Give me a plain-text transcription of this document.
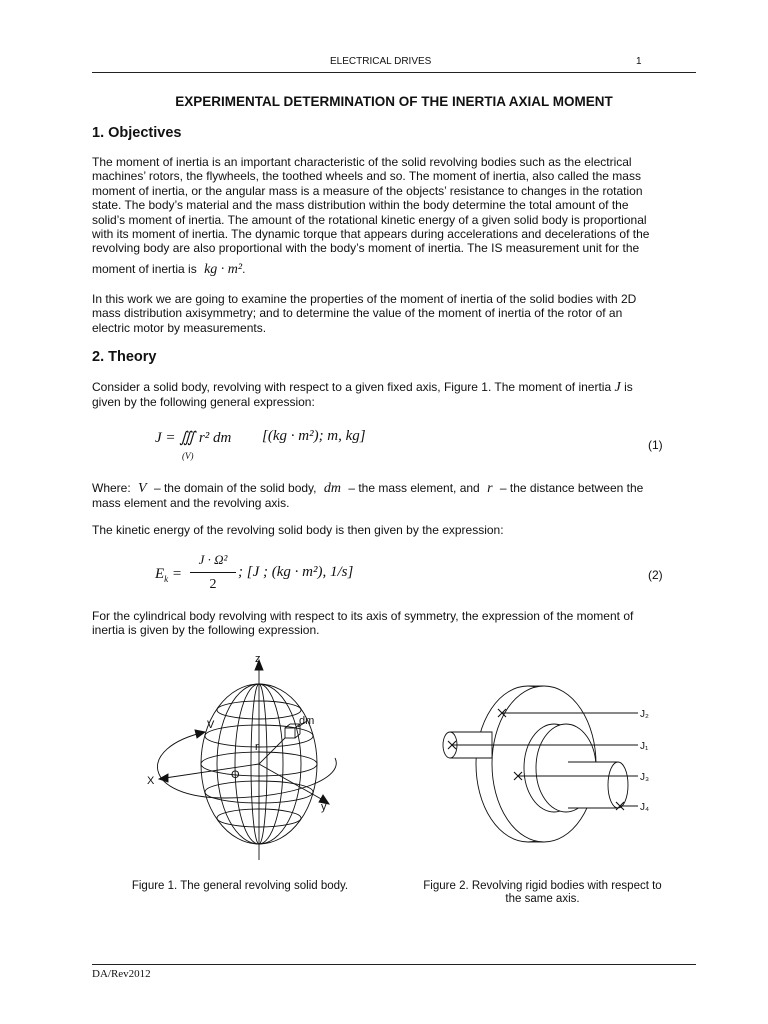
ELECTRICAL DRIVES	1
EXPERIMENTAL DETERMINATION OF THE INERTIA AXIAL MOMENT
1. Objectives
The moment of inertia is an important characteristic of the solid revolving bodies such as the electrical
machines’ rotors, the flywheels, the toothed wheels and so. The moment of inertia, also called the mass
moment of inertia, or the angular mass is a measure of the objects’ resistance to changes in the rotation
state. The body’s material and the mass distribution within the body determine the total amount of the
solid’s moment of inertia. The amount of the rotational kinetic energy of a given solid body is proportional
with its moment of inertia. The dynamic torque that appears during accelerations and decelerations of the
revolving body are also proportional with the body’s moment of inertia. The IS measurement unit for the
moment of inertia is kg · m².
In this work we are going to examine the properties of the moment of inertia of the solid bodies with 2D
mass distribution axisymmetry; and to determine the value of the moment of inertia of the rotor of an
electric motor by measurements.
2. Theory
Consider a solid body, revolving with respect to a given fixed axis, Figure 1. The moment of inertia J is
given by the following general expression:
J = ∭ r² dm
(V)
[(kg · m²); m, kg]
(1)
Where: V – the domain of the solid body, dm – the mass element, and r – the distance between the
mass element and the revolving axis.
The kinetic energy of the revolving solid body is then given by the expression:
$E_k$ =
J · Ω²
2
; [J ; (kg · m²), 1/s]	(2)
For the cylindrical body revolving with respect to its axis of symmetry, the expression of the moment of
inertia is given by the following expression.
z
y
X	O
V
r
dm
J₂
J₁
J₃
J₄
Figure 1. The general revolving solid body.	Figure 2. Revolving rigid bodies with respect to
the same axis.
DA/Rev2012
